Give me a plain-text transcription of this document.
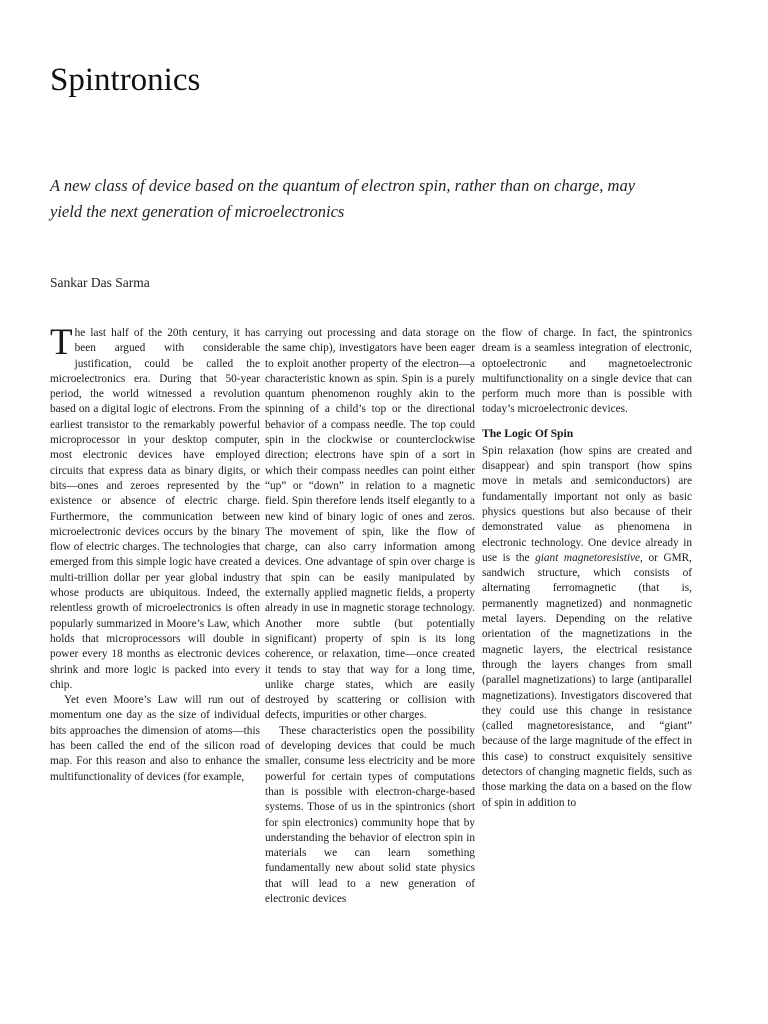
Spintronics

A new class of device based on the quantum of electron spin, rather than on charge, may yield the next generation of microelectronics

Sankar Das Sarma

The last half of the 20th century, it has been argued with considerable justification, could be called the microelectronics era. During that 50-year period, the world witnessed a revolution based on a digital logic of electrons. From the earliest transistor to the remarkably powerful microprocessor in your desktop computer, most electronic devices have employed circuits that express data as binary digits, or bits—ones and zeroes represented by the existence or absence of electric charge. Furthermore, the communication between microelectronic devices occurs by the binary flow of electric charges. The technologies that emerged from this simple logic have created a multi-trillion dollar per year global industry whose products are ubiquitous. Indeed, the relentless growth of microelectronics is often popularly summarized in Moore’s Law, which holds that microprocessors will double in power every 18 months as electronic devices shrink and more logic is packed into every chip.

Yet even Moore’s Law will run out of momentum one day as the size of individual bits approaches the dimension of atoms—this has been called the end of the silicon road map. For this reason and also to enhance the multifunctionality of devices (for example,

carrying out processing and data storage on the same chip), investigators have been eager to exploit another property of the electron—a characteristic known as spin. Spin is a purely quantum phenomenon roughly akin to the spinning of a child’s top or the directional behavior of a compass needle. The top could spin in the clockwise or counterclockwise direction; electrons have spin of a sort in which their compass needles can point either “up” or “down” in relation to a magnetic field. Spin therefore lends itself elegantly to a new kind of binary logic of ones and zeros. The movement of spin, like the flow of charge, can also carry information among devices. One advantage of spin over charge is that spin can be easily manipulated by externally applied magnetic fields, a property already in use in magnetic storage technology. Another more subtle (but potentially significant) property of spin is its long coherence, or relaxation, time—once created it tends to stay that way for a long time, unlike charge states, which are easily destroyed by scattering or collision with defects, impurities or other charges.

These characteristics open the possibility of developing devices that could be much smaller, consume less electricity and be more powerful for certain types of computations than is possible with electron-charge-based systems. Those of us in the spintronics (short for spin electronics) community hope that by understanding the behavior of electron spin in materials we can learn something fundamentally new about solid state physics that will lead to a new generation of electronic devices

the flow of charge. In fact, the spintronics dream is a seamless integration of electronic, optoelectronic and magnetoelectronic multifunctionality on a single device that can perform much more than is possible with today’s microelectronic devices.

The Logic Of Spin

Spin relaxation (how spins are created and disappear) and spin transport (how spins move in metals and semiconductors) are fundamentally important not only as basic physics questions but also because of their demonstrated value as phenomena in electronic technology. One device already in use is the giant magnetoresistive, or GMR, sandwich structure, which consists of alternating ferromagnetic (that is, permanently magnetized) and nonmagnetic metal layers. Depending on the relative orientation of the magnetizations in the magnetic layers, the electrical resistance through the layers changes from small (parallel magnetizations) to large (antiparallel magnetizations). Investigators discovered that they could use this change in resistance (called magnetoresistance, and “giant” because of the large magnitude of the effect in this case) to construct exquisitely sensitive detectors of changing magnetic fields, such as those marking the data on a based on the flow of spin in addition to
